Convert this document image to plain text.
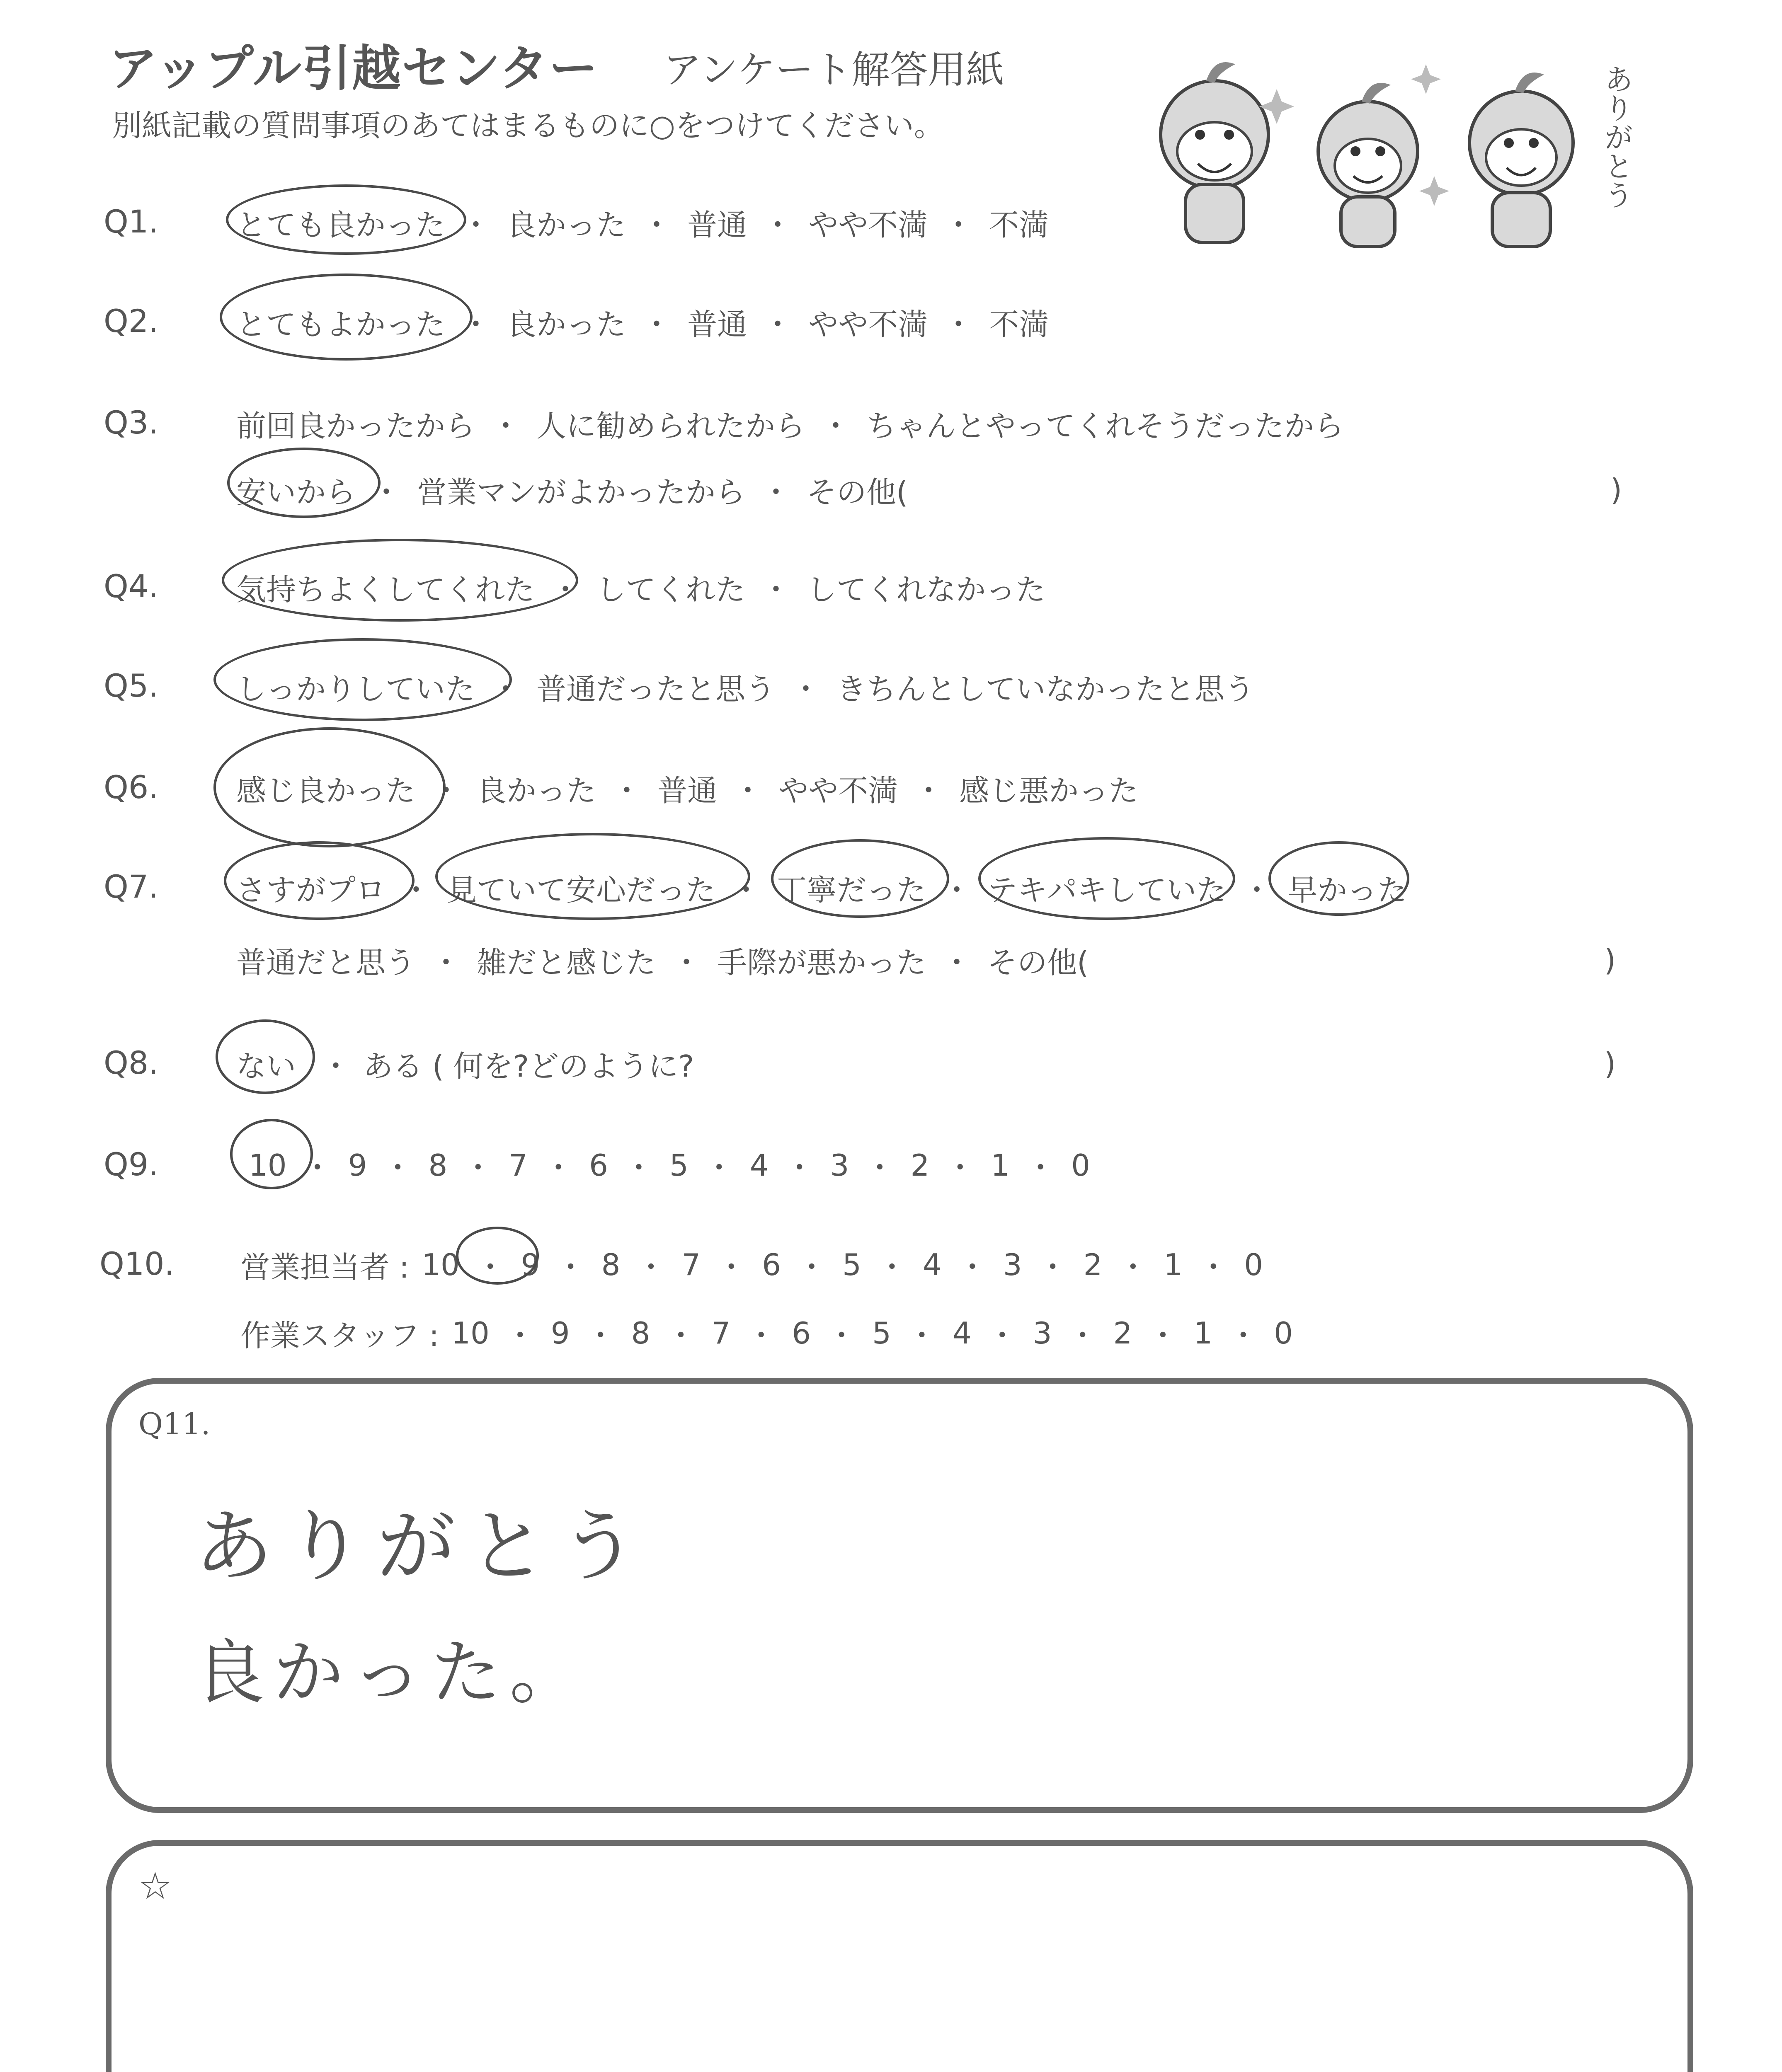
アップル引越センター アンケート解答用紙
別紙記載の質問事項のあてはまるものに○をつけてください。	ありがとう
Q1.	とても良かった ・ 良かった ・ 普通 ・ やや不満 ・ 不満
Q2.	とてもよかった ・ 良かった ・ 普通 ・ やや不満 ・ 不満
Q3.	前回良かったから ・ 人に勧められたから ・ ちゃんとやってくれそうだったから
安いから ・ 営業マンがよかったから ・ その他(	)
Q4.	気持ちよくしてくれた ・ してくれた ・ してくれなかった
Q5.	しっかりしていた ・ 普通だったと思う ・ きちんとしていなかったと思う
Q6.	感じ良かった ・ 良かった ・ 普通 ・ やや不満 ・ 感じ悪かった
Q7.	さすがプロ ・ 見ていて安心だった ・ 丁寧だった ・ テキパキしていた ・ 早かった
普通だと思う ・ 雑だと感じた ・ 手際が悪かった ・ その他(	)
Q8.	ない ・ ある ( 何を?どのように?	)
Q9.	10 ・ 9 ・ 8 ・ 7 ・ 6 ・ 5 ・ 4 ・ 3 ・ 2 ・ 1 ・ 0
Q10. 営業担当者 : 10 ・ 9 ・ 8 ・ 7 ・ 6 ・ 5 ・ 4 ・ 3 ・ 2 ・ 1 ・ 0
作業スタッフ : 10 ・ 9 ・ 8 ・ 7 ・ 6 ・ 5 ・ 4 ・ 3 ・ 2 ・ 1 ・ 0
Q11.
ありがとう
良かった。
☆
